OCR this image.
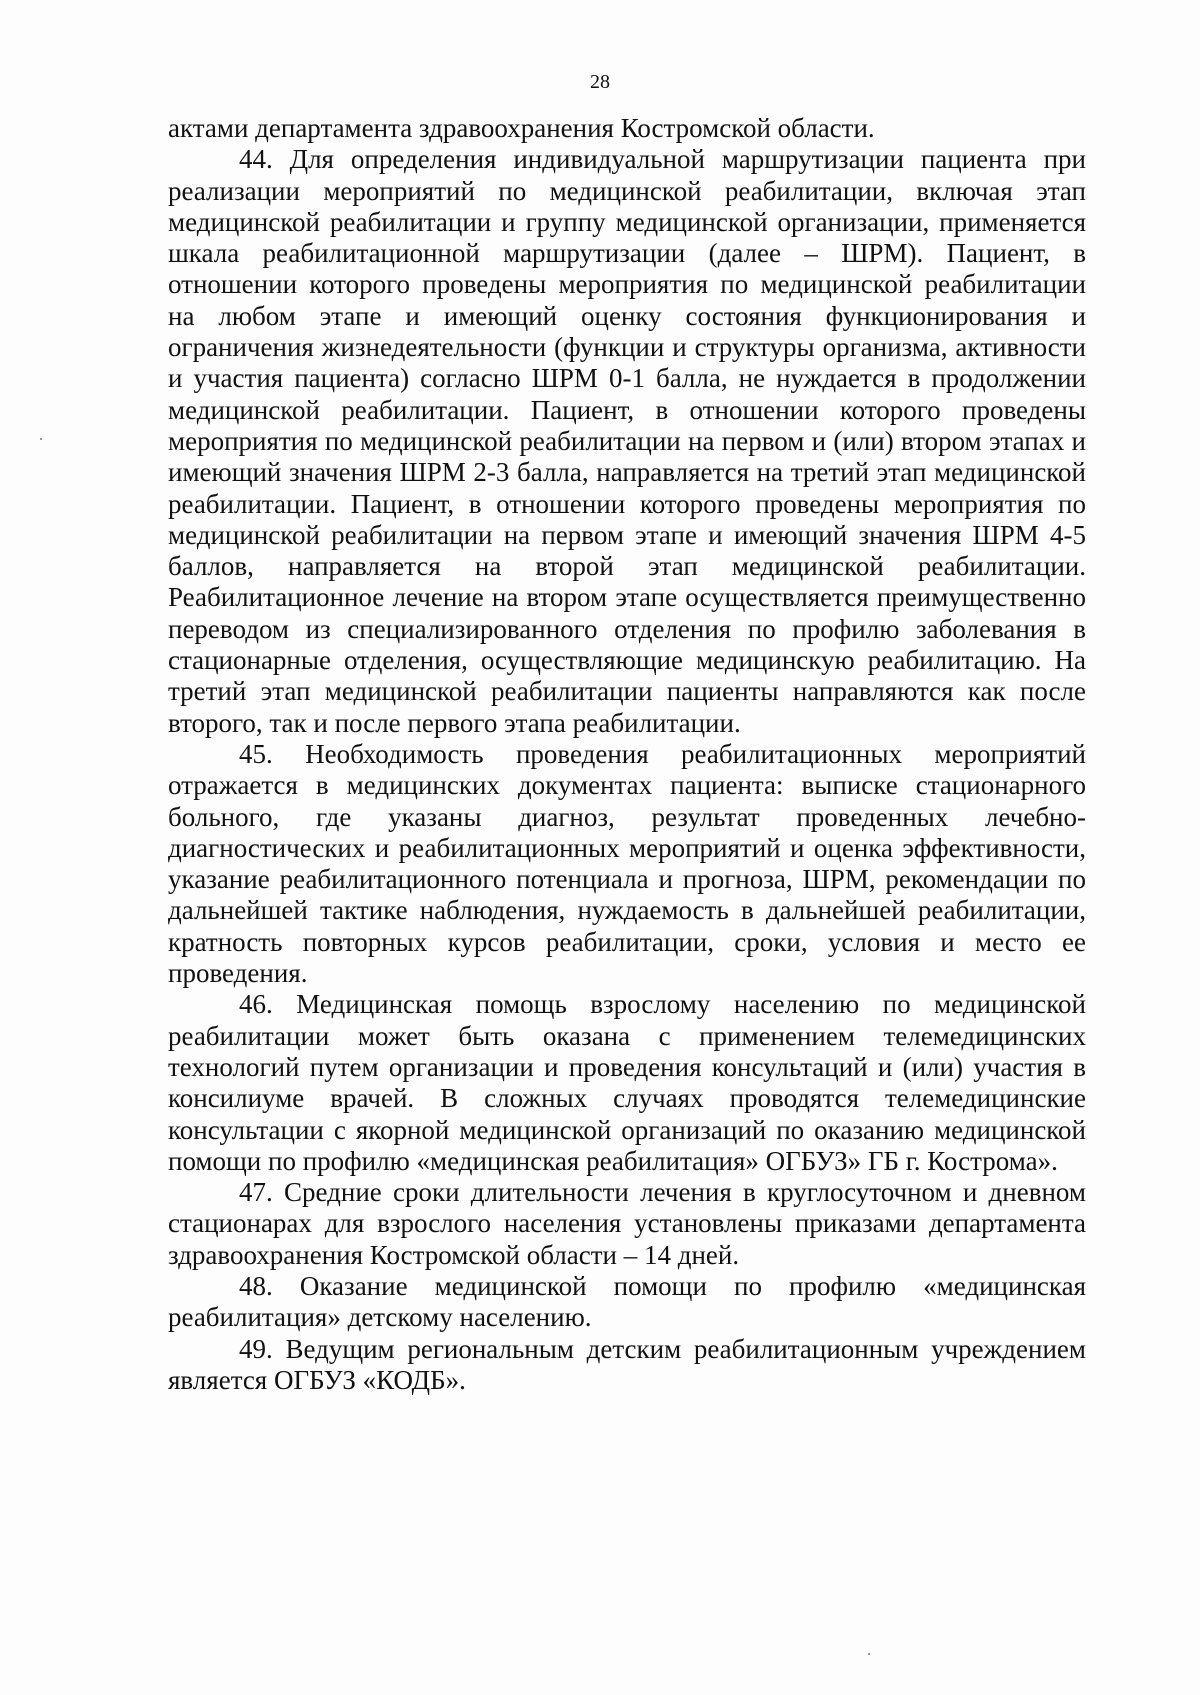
28

актами департамента здравоохранения Костромской области.

44. Для определения индивидуальной маршрутизации пациента при реализации мероприятий по медицинской реабилитации, включая этап медицинской реабилитации и группу медицинской организации, применяется шкала реабилитационной маршрутизации (далее – ШРМ). Пациент, в отношении которого проведены мероприятия по медицинской реабилитации на любом этапе и имеющий оценку состояния функционирования и ограничения жизнедеятельности (функции и структуры организма, активности и участия пациента) согласно ШРМ 0-1 балла, не нуждается в продолжении медицинской реабилитации. Пациент, в отношении которого проведены мероприятия по медицинской реабилитации на первом и (или) втором этапах и имеющий значения ШРМ 2-3 балла, направляется на третий этап медицинской реабилитации. Пациент, в отношении которого проведены мероприятия по медицинской реабилитации на первом этапе и имеющий значения ШРМ 4-5 баллов, направляется на второй этап медицинской реабилитации. Реабилитационное лечение на втором этапе осуществляется преимущественно переводом из специализированного отделения по профилю заболевания в стационарные отделения, осуществляющие медицинскую реабилитацию. На третий этап медицинской реабилитации пациенты направляются как после второго, так и после первого этапа реабилитации.

45. Необходимость проведения реабилитационных мероприятий отражается в медицинских документах пациента: выписке стационарного больного, где указаны диагноз, результат проведенных лечебно-диагностических и реабилитационных мероприятий и оценка эффективности, указание реабилитационного потенциала и прогноза, ШРМ, рекомендации по дальнейшей тактике наблюдения, нуждаемость в дальнейшей реабилитации, кратность повторных курсов реабилитации, сроки, условия и место ее проведения.

46. Медицинская помощь взрослому населению по медицинской реабилитации может быть оказана с применением телемедицинских технологий путем организации и проведения консультаций и (или) участия в консилиуме врачей. В сложных случаях проводятся телемедицинские консультации с якорной медицинской организаций по оказанию медицинской помощи по профилю «медицинская реабилитация» ОГБУЗ» ГБ г. Кострома».

47. Средние сроки длительности лечения в круглосуточном и дневном стационарах для взрослого населения установлены приказами департамента здравоохранения Костромской области – 14 дней.

48. Оказание медицинской помощи по профилю «медицинская реабилитация» детскому населению.

49. Ведущим региональным детским реабилитационным учреждением является ОГБУЗ «КОДБ».
